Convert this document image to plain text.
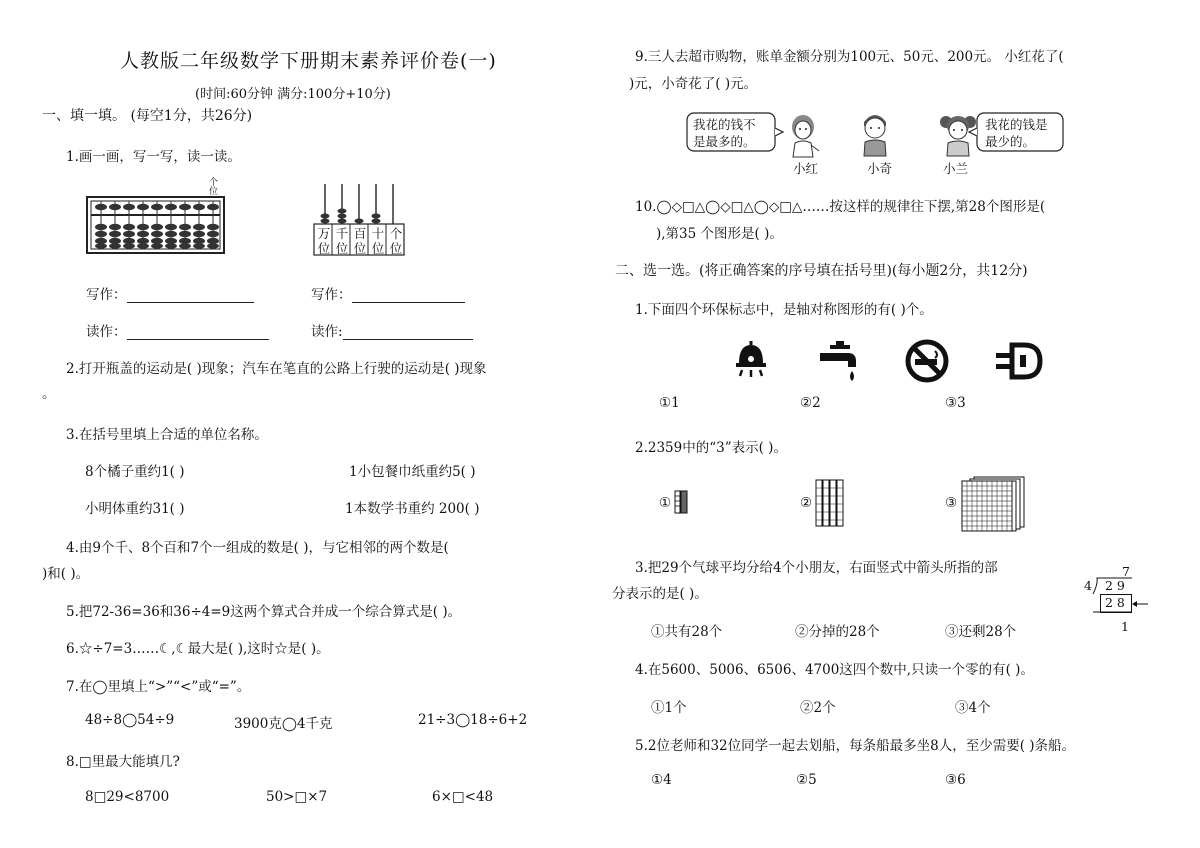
人教版二年级数学下册期末素养评价卷(一)
(时间:60分钟 满分:100分+10分)
一、填一填。 (每空1分，共26分)
1.画一画，写一写，读一读。
个
位
万
位
千
位
百
位
十
位
个
位
写作：	写作：
读作：	读作:
2.打开瓶盖的运动是( )现象；汽车在笔直的公路上行驶的运动是( )现象
。
3.在括号里填上合适的单位名称。
8个橘子重约1( )	1小包餐巾纸重约5( )
小明体重约31( )	1本数学书重约 200( )
4.由9个千、8个百和7个一组成的数是( )，与它相邻的两个数是(
)和( )。
5.把72-36=36和36÷4=9这两个算式合并成一个综合算式是( )。
6.☆÷7=3……☾,☾最大是( ),这时☆是( )。
7.在◯里填上“>”“<”或“=”。
48÷8◯54÷9	3900克◯4千克	21÷3◯18÷6+2
8.□里最大能填几?
8□29<8700	50>□×7	6×□<48
9.三人去超市购物，账单金额分别为100元、50元、200元。 小红花了(
)元，小奇花了( )元。
我花的钱不
是最多的。
我花的钱是
最少的。
小红	小奇	小兰
10.◯◇□△◯◇□△◯◇□△……按这样的规律往下摆,第28个图形是(
),第35 个图形是( )。
二、选一选。(将正确答案的序号填在括号里)(每小题2分，共12分)
1.下面四个环保标志中，是轴对称图形的有( )个。
①1	②2	③3
2.2359中的“3”表示( )。
①	②	③
3.把29个气球平均分给4个小朋友，右面竖式中箭头所指的部
分表示的是( )。
①共有28个	②分掉的28个	③还剩28个
7
4 2 9
2 8
1
4.在5600、5006、6506、4700这四个数中,只读一个零的有( )。
①1个	②2个	③4个
5.2位老师和32位同学一起去划船，每条船最多坐8人，至少需要( )条船。
①4	②5	③6
